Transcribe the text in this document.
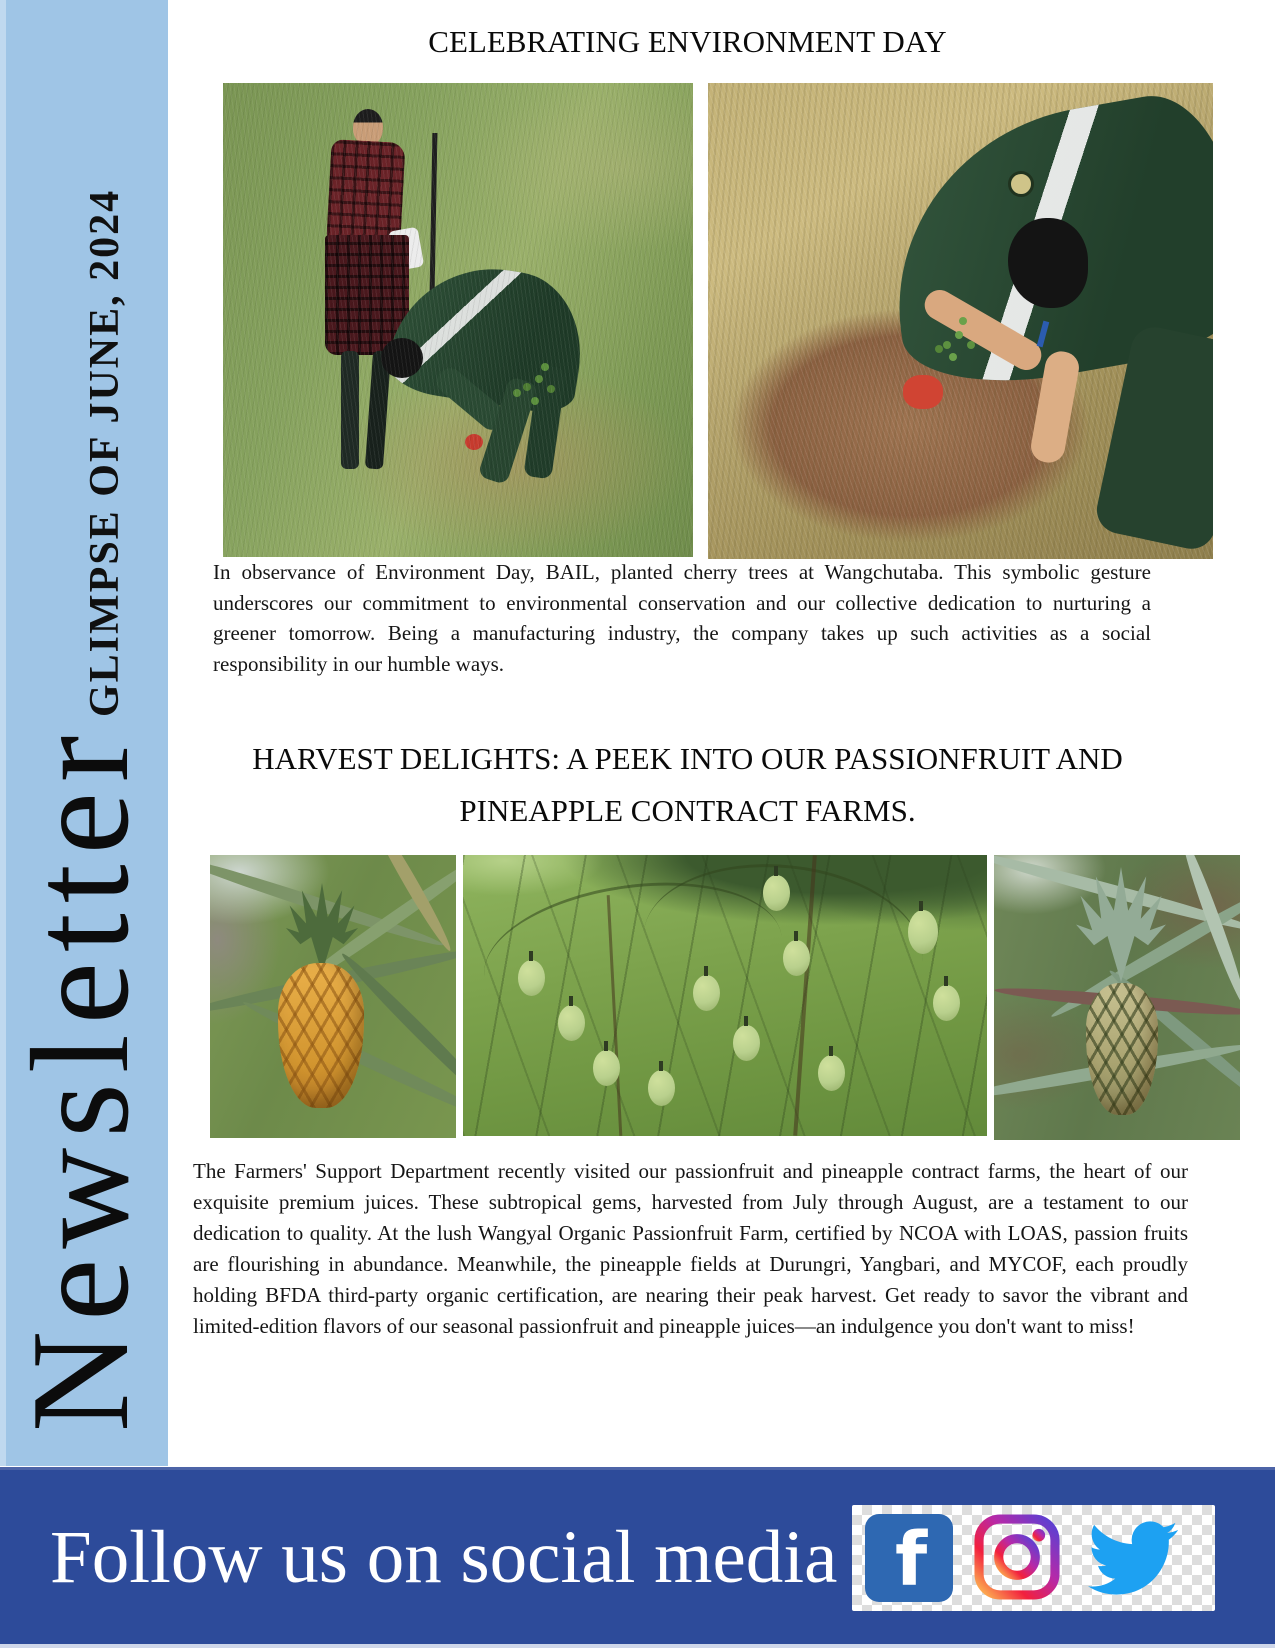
Newsletter
GLIMPSE OF JUNE, 2024
CELEBRATING ENVIRONMENT DAY
In observance of Environment Day, BAIL, planted cherry trees at Wangchutaba. This symbolic gesture underscores our commitment to environmental conservation and our collective dedication to nurturing a greener tomorrow. Being a manufacturing industry, the company takes up such activities as a social responsibility in our humble ways.
HARVEST DELIGHTS: A PEEK INTO OUR PASSIONFRUIT AND
PINEAPPLE CONTRACT FARMS.
The Farmers' Support Department recently visited our passionfruit and pineapple contract farms, the heart of our exquisite premium juices. These subtropical gems, harvested from July through August, are a testament to our dedication to quality. At the lush Wangyal Organic Passionfruit Farm, certified by NCOA with LOAS, passion fruits are flourishing in abundance. Meanwhile, the pineapple fields at Durungri, Yangbari, and MYCOF, each proudly holding BFDA third-party organic certification, are nearing their peak harvest. Get ready to savor the vibrant and limited-edition flavors of our seasonal passionfruit and pineapple juices—an indulgence you don't want to miss!
Follow us on social media f
